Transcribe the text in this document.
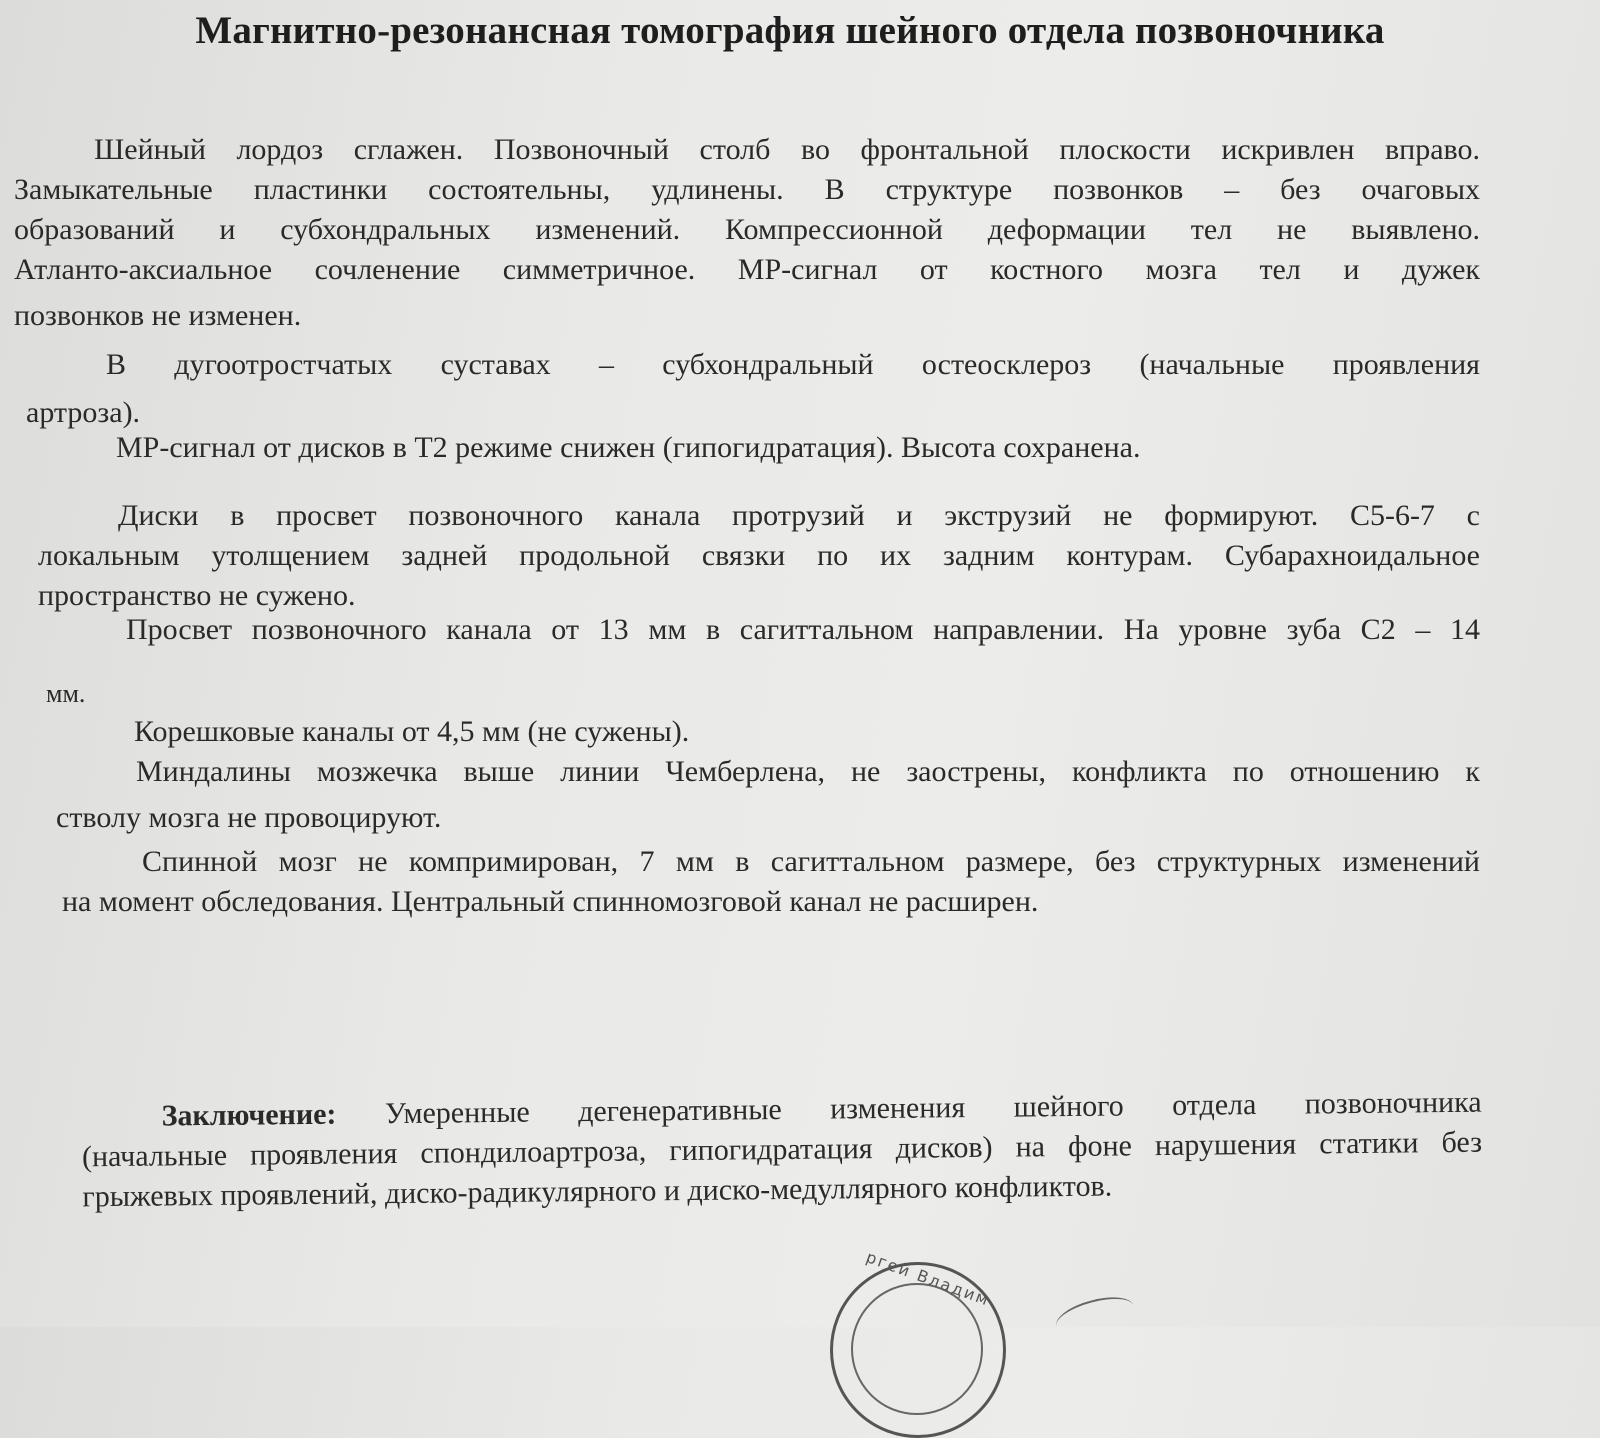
Магнитно-резонансная томография шейного отдела позвоночника
Шейный лордоз сглажен. Позвоночный столб во фронтальной плоскости искривлен вправо.
Замыкательные пластинки состоятельны, удлинены. В структуре позвонков – без очаговых
образований и субхондральных изменений. Компрессионной деформации тел не выявлено.
Атланто-аксиальное сочленение симметричное. МР-сигнал от костного мозга тел и дужек
позвонков не изменен.
В дугоотростчатых суставах – субхондральный остеосклероз (начальные проявления
артроза).
МР-сигнал от дисков в Т2 режиме снижен (гипогидратация). Высота сохранена.
Диски в просвет позвоночного канала протрузий и экструзий не формируют. С5-6-7 с
локальным утолщением задней продольной связки по их задним контурам. Субарахноидальное
пространство не сужено.
Просвет позвоночного канала от 13 мм в сагиттальном направлении. На уровне зуба С2 – 14
мм.
Корешковые каналы от 4,5 мм (не сужены).
Миндалины мозжечка выше линии Чемберлена, не заострены, конфликта по отношению к
стволу мозга не провоцируют.
Спинной мозг не компримирован, 7 мм в сагиттальном размере, без структурных изменений
на момент обследования. Центральный спинномозговой канал не расширен.
Заключение: Умеренные дегенеративные изменения шейного отдела позвоночника
(начальные проявления спондилоартроза, гипогидратация дисков) на фоне нарушения статики без
грыжевых проявлений, диско-радикулярного и диско-медуллярного конфликтов.
ргей Владим
